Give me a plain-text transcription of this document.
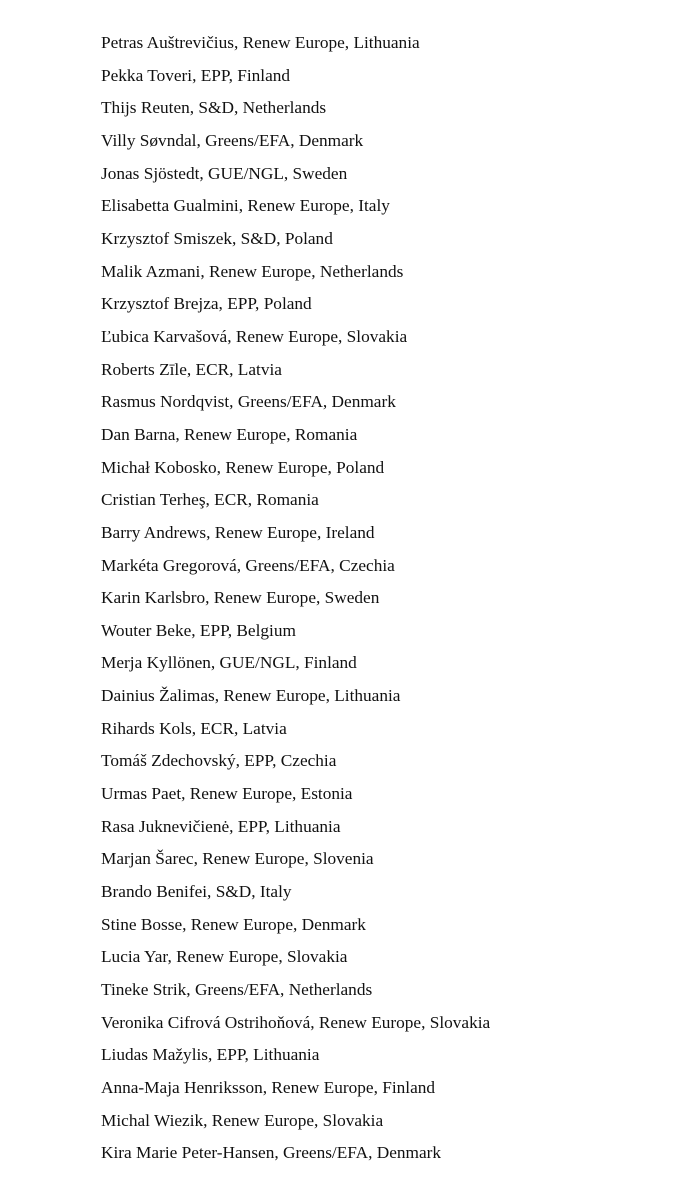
Petras Auštrevičius, Renew Europe, Lithuania
Pekka Toveri, EPP, Finland
Thijs Reuten, S&D, Netherlands
Villy Søvndal, Greens/EFA, Denmark
Jonas Sjöstedt, GUE/NGL, Sweden
Elisabetta Gualmini, Renew Europe, Italy
Krzysztof Smiszek, S&D, Poland
Malik Azmani, Renew Europe, Netherlands
Krzysztof Brejza, EPP, Poland
Ľubica Karvašová, Renew Europe, Slovakia
Roberts Zīle, ECR, Latvia
Rasmus Nordqvist, Greens/EFA, Denmark
Dan Barna, Renew Europe, Romania
Michał Kobosko, Renew Europe, Poland
Cristian Terheş, ECR, Romania
Barry Andrews, Renew Europe, Ireland
Markéta Gregorová, Greens/EFA, Czechia
Karin Karlsbro, Renew Europe, Sweden
Wouter Beke, EPP, Belgium
Merja Kyllönen, GUE/NGL, Finland
Dainius Žalimas, Renew Europe, Lithuania
Rihards Kols, ECR, Latvia
Tomáš Zdechovský, EPP, Czechia
Urmas Paet, Renew Europe, Estonia
Rasa Juknevičienė, EPP, Lithuania
Marjan Šarec, Renew Europe, Slovenia
Brando Benifei, S&D, Italy
Stine Bosse, Renew Europe, Denmark
Lucia Yar, Renew Europe, Slovakia
Tineke Strik, Greens/EFA, Netherlands
Veronika Cifrová Ostrihoňová, Renew Europe, Slovakia
Liudas Mažylis, EPP, Lithuania
Anna-Maja Henriksson, Renew Europe, Finland
Michal Wiezik, Renew Europe, Slovakia
Kira Marie Peter-Hansen, Greens/EFA, Denmark
